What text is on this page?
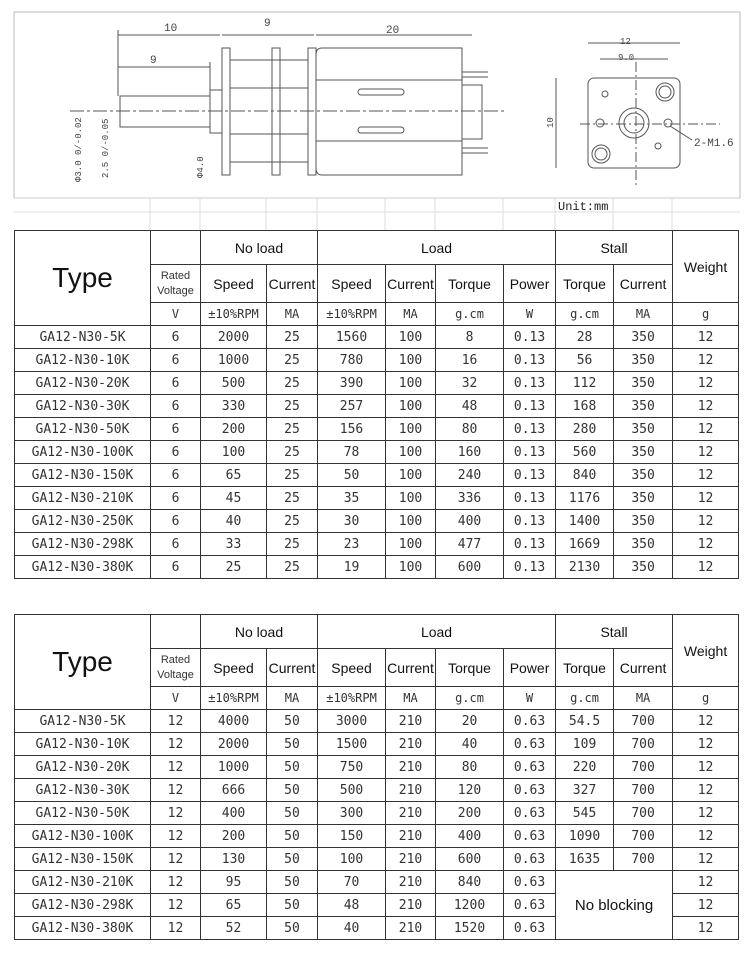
10	9
20
9
12
9.0
10
Φ3.0 0/-0.02 2.5 0/-0.05	Φ4.0
2-M1.6
Unit:mm
Type		No load		Load				Stall		Weight
	Rated Voltage	Speed	Current	Speed	Current	Torque	Power	Torque	Current	
	V	±10%RPM	MA	±10%RPM	MA	g.cm	W	g.cm	MA	g
GA12-N30-5K	6	2000	25	1560	100	8	0.13	28	350	12
GA12-N30-10K	6	1000	25	780	100	16	0.13	56	350	12
GA12-N30-20K	6	500	25	390	100	32	0.13	112	350	12
GA12-N30-30K	6	330	25	257	100	48	0.13	168	350	12
GA12-N30-50K	6	200	25	156	100	80	0.13	280	350	12
GA12-N30-100K	6	100	25	78	100	160	0.13	560	350	12
GA12-N30-150K	6	65	25	50	100	240	0.13	840	350	12
GA12-N30-210K	6	45	25	35	100	336	0.13	1176	350	12
GA12-N30-250K	6	40	25	30	100	400	0.13	1400	350	12
GA12-N30-298K	6	33	25	23	100	477	0.13	1669	350	12
GA12-N30-380K	6	25	25	19	100	600	0.13	2130	350	12
Type		No load		Load				Stall		Weight
	Rated Voltage	Speed	Current	Speed	Current	Torque	Power	Torque	Current	
	V	±10%RPM	MA	±10%RPM	MA	g.cm	W	g.cm	MA	g
GA12-N30-5K	12	4000	50	3000	210	20	0.63	54.5	700	12
GA12-N30-10K	12	2000	50	1500	210	40	0.63	109	700	12
GA12-N30-20K	12	1000	50	750	210	80	0.63	220	700	12
GA12-N30-30K	12	666	50	500	210	120	0.63	327	700	12
GA12-N30-50K	12	400	50	300	210	200	0.63	545	700	12
GA12-N30-100K	12	200	50	150	210	400	0.63	1090	700	12
GA12-N30-150K	12	130	50	100	210	600	0.63	1635	700	12
GA12-N30-210K	12	95	50	70	210	840	0.63	No blocking		12
GA12-N30-298K	12	65	50	48	210	1200	0.63			12
GA12-N30-380K	12	52	50	40	210	1520	0.63			12
